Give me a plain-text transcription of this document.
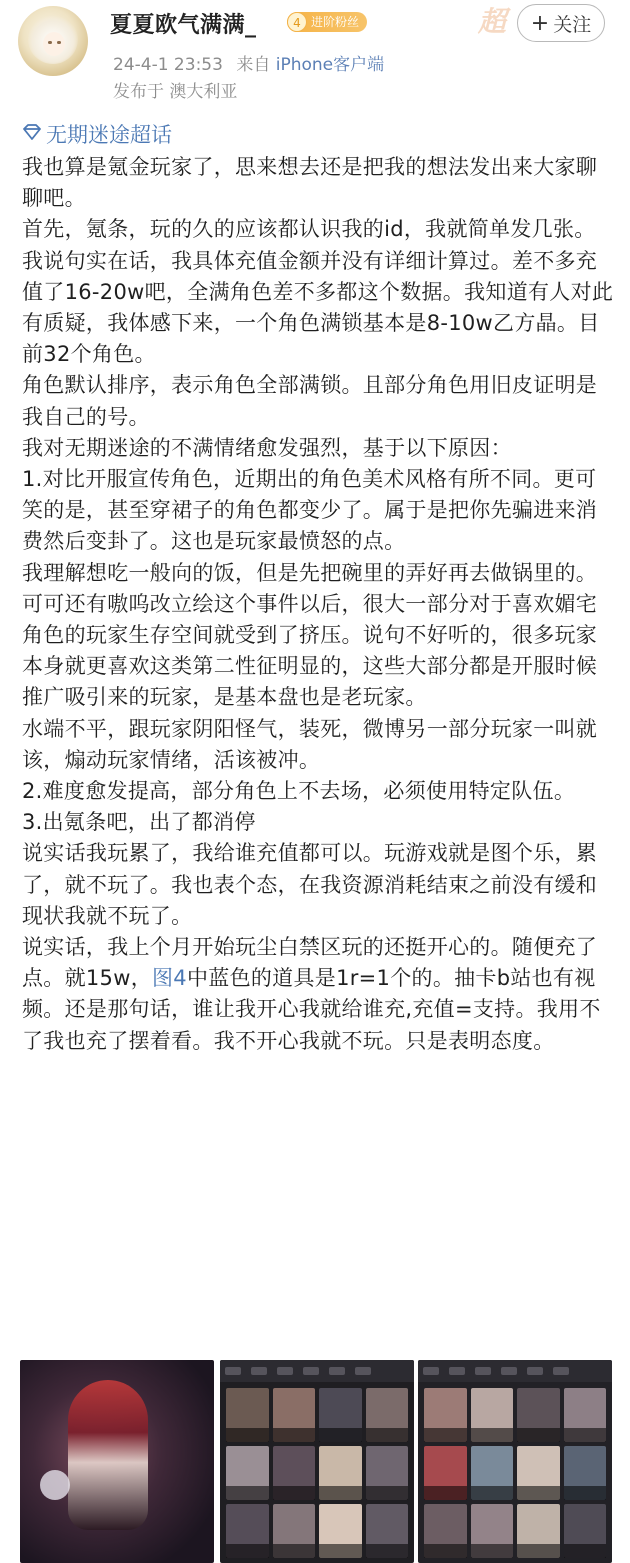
夏夏欧气满满_	4 进阶粉丝	超 + 关注
24-4-1 23:53 来自 iPhone客户端
发布于 澳大利亚
无期迷途超话

我也算是氪金玩家了，思来想去还是把我的想法发出来大家聊聊吧。

首先，氪条，玩的久的应该都认识我的id，我就简单发几张。我说句实在话，我具体充值金额并没有详细计算过。差不多充值了16-20w吧，全满角色差不多都这个数据。我知道有人对此有质疑，我体感下来，一个角色满锁基本是8-10w乙方晶。目前32个角色。

角色默认排序，表示角色全部满锁。且部分角色用旧皮证明是我自己的号。

我对无期迷途的不满情绪愈发强烈，基于以下原因：

1.对比开服宣传角色，近期出的角色美术风格有所不同。更可笑的是，甚至穿裙子的角色都变少了。属于是把你先骗进来消费然后变卦了。这也是玩家最愤怒的点。

我理解想吃一般向的饭，但是先把碗里的弄好再去做锅里的。可可还有嗷呜改立绘这个事件以后，很大一部分对于喜欢媚宅角色的玩家生存空间就受到了挤压。说句不好听的，很多玩家本身就更喜欢这类第二性征明显的，这些大部分都是开服时候推广吸引来的玩家，是基本盘也是老玩家。

水端不平，跟玩家阴阳怪气，装死，微博另一部分玩家一叫就该，煽动玩家情绪，活该被冲。

2.难度愈发提高，部分角色上不去场，必须使用特定队伍。

3.出氪条吧，出了都消停

说实话我玩累了，我给谁充值都可以。玩游戏就是图个乐，累了，就不玩了。我也表个态，在我资源消耗结束之前没有缓和现状我就不玩了。

说实话，我上个月开始玩尘白禁区玩的还挺开心的。随便充了点。就15w，图4中蓝色的道具是1r=1个的。抽卡b站也有视频。还是那句话，谁让我开心我就给谁充,充值=支持。我用不了我也充了摆着看。我不开心我就不玩。只是表明态度。
